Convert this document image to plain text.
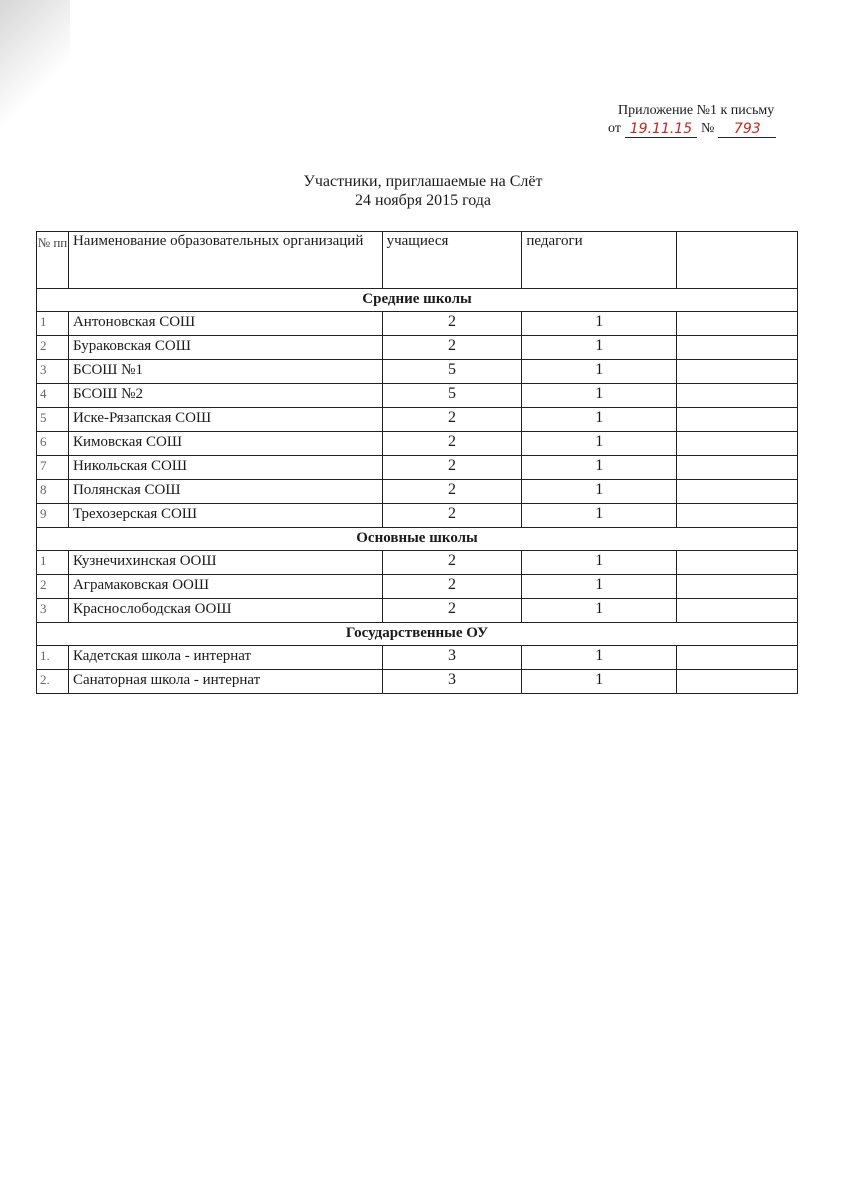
Приложение №1 к письму
от 19.11.15 №	793
Участники, приглашаемые на Слёт
24 ноября 2015 года
№ пп	Наименование образовательных организаций	учащиеся	педагоги	
Средние школы				
1	Антоновская СОШ	2	1	
2	Бураковская СОШ	2	1	
3	БСОШ №1	5	1	
4	БСОШ №2	5	1	
5	Иске-Рязапская СОШ	2	1	
6	Кимовская СОШ	2	1	
7	Никольская СОШ	2	1	
8	Полянская СОШ	2	1	
9	Трехозерская СОШ	2	1	
Основные школы				
1	Кузнечихинская ООШ	2	1	
2	Аграмаковская ООШ	2	1	
3	Краснослободская ООШ	2	1	
Государственные ОУ				
1.	Кадетская школа - интернат	3	1	
2.	Санаторная школа - интернат	3	1	
